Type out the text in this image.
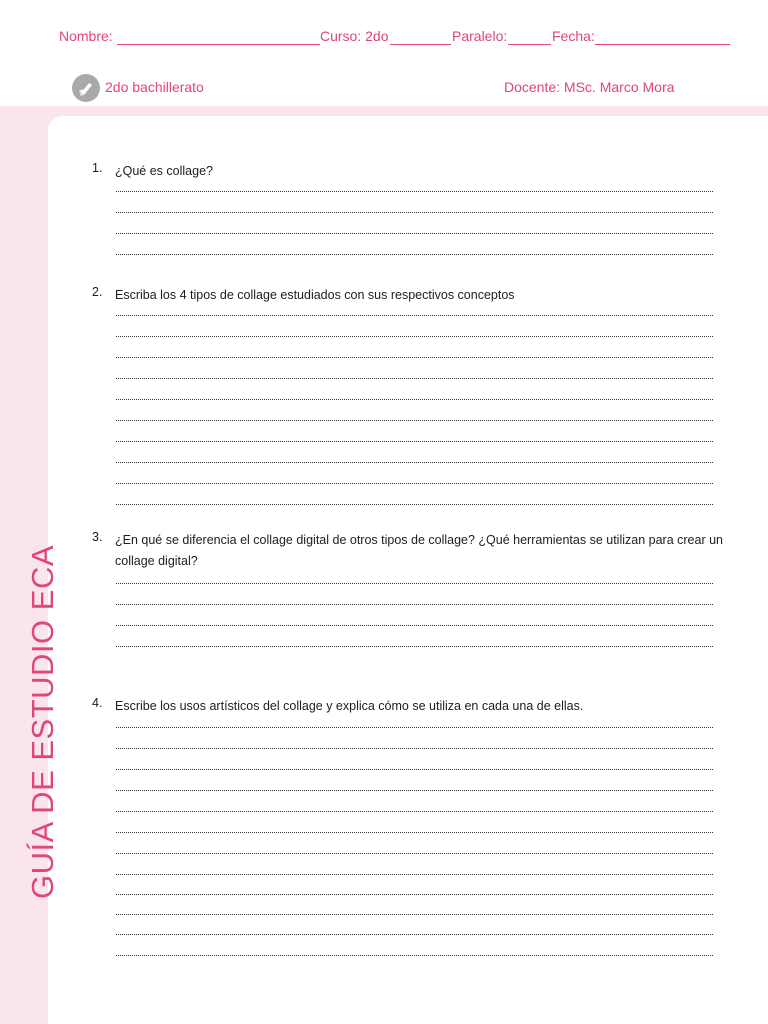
Nombre:	Curso: 2do	Paralelo:	Fecha:
2do bachillerato	Docente: MSc. Marco Mora
GUÍA DE ESTUDIO ECA
1. ¿Qué es collage?
2. Escriba los 4 tipos de collage estudiados con sus respectivos conceptos
3. ¿En qué se diferencia el collage digital de otros tipos de collage? ¿Qué herramientas se utilizan para crear un collage digital?
4. Escribe los usos artísticos del collage y explica cómo se utiliza en cada una de ellas.
